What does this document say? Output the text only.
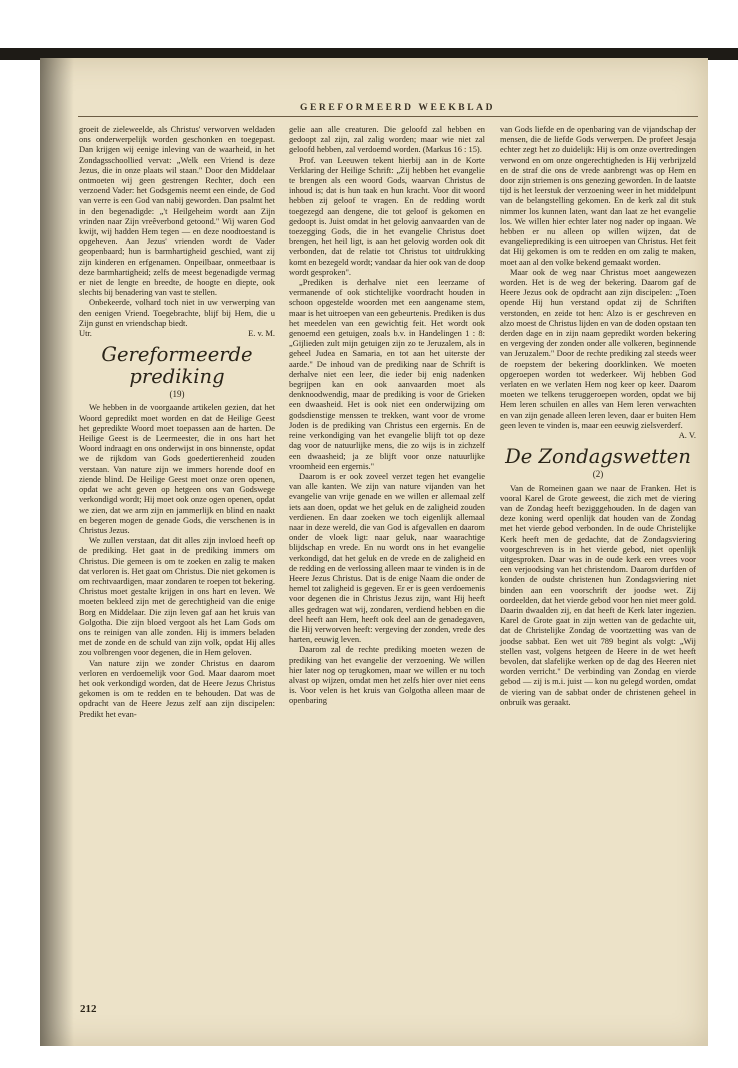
GEREFORMEERD WEEKBLAD

groeit de zieleweelde, als Christus' verworven weldaden ons onderwerpelijk worden geschonken en toegepast. Dan krijgen wij eenige inleving van de waarheid, in het Zondagsschoollied vervat: „Welk een Vriend is deze Jezus, die in onze plaats wil staan." Door den Middelaar ontmoeten wij geen gestrengen Rechter, doch een verzoend Vader: het Godsgemis neemt een einde, de God van verre is een God van nabij geworden. Dan psalmt het in den begenadigde: „'t Heilgeheim wordt aan Zijn vrinden naar Zijn vreêverbond getoond." Wij waren God kwijt, wij hadden Hem tegen — en deze noodtoestand is opgeheven. Aan Jezus' vrienden wordt de Vader geopenbaard; hun is barmhartigheid geschied, want zij zijn kinderen en erfgenamen. Onpeilbaar, onmeetbaar is deze barmhartigheid; zelfs de meest begenadigde vermag er niet de lengte en breedte, de hoogte en diepte, ook slechts bij benadering van vast te stellen.

Onbekeerde, volhard toch niet in uw verwerping van den eenigen Vriend. Toegebrachte, blijf bij Hem, die u Zijn gunst en vriendschap biedt.

Utr.	E. v. M.
Gereformeerde prediking
(19)

We hebben in de voorgaande artikelen gezien, dat het Woord gepredikt moet worden en dat de Heilige Geest het gepredikte Woord moet toepassen aan de harten. De Heilige Geest is de Leermeester, die in ons hart het Woord indraagt en ons onderwijst in ons binnenste, opdat we de rijkdom van Gods goedertierenheid zouden verstaan. Van nature zijn we immers horende doof en ziende blind. De Heilige Geest moet onze oren openen, opdat we acht geven op hetgeen ons van Godswege verkondigd wordt; Hij moet ook onze ogen openen, opdat we zien, dat we arm zijn en jammerlijk en blind en naakt en begeren mogen de genade Gods, die verschenen is in Christus Jezus.

We zullen verstaan, dat dit alles zijn invloed heeft op de prediking. Het gaat in de prediking immers om Christus. Die gemeen is om te zoeken en zalig te maken dat verloren is. Het gaat om Christus. Die niet gekomen is om rechtvaardigen, maar zondaren te roepen tot bekering. Christus moet gestalte krijgen in ons hart en leven. We moeten bekleed zijn met de gerechtigheid van die enige Borg en Middelaar. Die zijn leven gaf aan het kruis van Golgotha. Die zijn bloed vergoot als het Lam Gods om ons te reinigen van alle zonden. Hij is immers beladen met de zonde en de schuld van zijn volk, opdat Hij alles zou volbrengen voor degenen, die in Hem geloven.

Van nature zijn we zonder Christus en daarom verloren en verdoemelijk voor God. Maar daarom moet het ook verkondigd worden, dat de Heere Jezus Christus gekomen is om te redden en te behouden. Dat was de opdracht van de Heere Jezus zelf aan zijn discipelen: Predikt het evan-

gelie aan alle creaturen. Die geloofd zal hebben en gedoopt zal zijn, zal zalig worden; maar wie niet zal geloofd hebben, zal verdoemd worden. (Markus 16 : 15).

Prof. van Leeuwen tekent hierbij aan in de Korte Verklaring der Heilige Schrift: „Zij hebben het evangelie te brengen als een woord Gods, waarvan Christus de inhoud is; dat is hun taak en hun kracht. Voor dit woord hebben zij geloof te vragen. En de redding wordt toegezegd aan dengene, die tot geloof is gekomen en gedoopt is. Juist omdat in het gelovig aanvaarden van de toezegging Gods, die in het evangelie Christus doet brengen, het heil ligt, is aan het gelovig worden ook dit verbonden, dat de relatie tot Christus tot uitdrukking komt en bezegeld wordt; vandaar da hier ook van de doop wordt gesproken".

„Prediken is derhalve niet een leerzame of vermanende of ook stichtelijke voordracht houden in schoon opgestelde woorden met een aangename stem, maar is het uitroepen van een gebeurtenis. Prediken is dus het meedelen van een gewichtig feit. Het wordt ook genoemd een getuigen, zoals b.v. in Handelingen 1 : 8: „Gijlieden zult mijn getuigen zijn zo te Jeruzalem, als in geheel Judea en Samaria, en tot aan het uiterste der aarde." De inhoud van de prediking naar de Schrift is derhalve niet een leer, die ieder bij enig nadenken begrijpen kan en ook aanvaarden moet als denknoodwendig, maar de prediking is voor de Grieken een dwaasheid. Het is ook niet een onderwijzing om godsdienstige menssen te trekken, want voor de vrome Joden is de prediking van Christus een ergernis. En de reine verkondiging van het evangelie blijft tot op deze dag voor de natuurlijke mens, die zo wijs is in zichzelf een dwaasheid; ja ze blijft voor onze natuurlijke vroomheid een ergernis."

Daarom is er ook zoveel verzet tegen het evangelie van alle kanten. We zijn van nature vijanden van het evangelie van vrije genade en we willen er allemaal zelf iets aan doen, opdat we het geluk en de zaligheid zouden verdienen. En daar zoeken we toch eigenlijk allemaal naar in deze wereld, die van God is afgevallen en daarom onder de vloek ligt: naar geluk, naar waarachtige blijdschap en vrede. En nu wordt ons in het evangelie verkondigd, dat het geluk en de vrede en de zaligheid en de redding en de verlossing alleen maar te vinden is in de Heere Jezus Christus. Dat is de enige Naam die onder de hemel tot zaligheid is gegeven. Er er is geen verdoemenis voor degenen die in Christus Jezus zijn, want Hij heeft alles gedragen wat wij, zondaren, verdiend hebben en die deel heeft aan Hem, heeft ook deel aan de genadegaven, die Hij verworven heeft: vergeving der zonden, vrede des harten, eeuwig leven.

Daarom zal de rechte prediking moeten wezen de prediking van het evangelie der verzoening. We willen hier later nog op terugkomen, maar we willen er nu toch alvast op wijzen, omdat men het zelfs hier over niet eens is. Voor velen is het kruis van Golgotha alleen maar de openbaring

van Gods liefde en de openbaring van de vijandschap der mensen, die de liefde Gods verwerpen. De profeet Jesaja echter zegt het zo duidelijk: Hij is om onze overtredingen verwond en om onze ongerechtigheden is Hij verbrijzeld en de straf die ons de vrede aanbrengt was op Hem en door zijn striemen is ons genezing geworden. In de laatste tijd is het leerstuk der verzoening weer in het middelpunt van de belangstelling gekomen. En de kerk zal dit stuk nimmer los kunnen laten, want dan laat ze het evangelie los. We willen hier echter later nog nader op ingaan. We hebben er nu alleen op willen wijzen, dat de evangelieprediking is een uitroepen van Christus. Het feit dat Hij gekomen is om te redden en om zalig te maken, moet aan al den volke bekend gemaakt worden.

Maar ook de weg naar Christus moet aangewezen worden. Het is de weg der bekering. Daarom gaf de Heere Jezus ook de opdracht aan zijn discipelen: „Toen opende Hij hun verstand opdat zij de Schriften verstonden, en zeide tot hen: Alzo is er geschreven en alzo moest de Christus lijden en van de doden opstaan ten derden dage en in zijn naam gepredikt worden bekering en vergeving der zonden onder alle volkeren, beginnende van Jeruzalem." Door de rechte prediking zal steeds weer de roepstem der bekering doorklinken. We moeten opgeroepen worden tot wederkeer. Wij hebben God verlaten en we verlaten Hem nog keer op keer. Daarom moeten we telkens teruggeroepen worden, opdat we bij Hem leren schuilen en alles van Hem leren verwachten en van zijn genade alleen leren leven, daar er buiten Hem geen leven te vinden is, maar een eeuwig zielsverderf.

A. V.
De Zondagswetten
(2)

Van de Romeinen gaan we naar de Franken. Het is vooral Karel de Grote geweest, die zich met de viering van de Zondag heeft bezigggehouden. In de dagen van deze koning werd openlijk dat houden van de Zondag met het vierde gebod verbonden. In de oude Christelijke Kerk heeft men de gedachte, dat de Zondagsviering voorgeschreven is in het vierde gebod, niet openlijk uitgesproken. Daar was in de oude kerk een vrees voor een verjoodsing van het christendom. Daarom durfden of konden de oudste christenen hun Zondagsviering niet binden aan een voorschrift der joodse wet. Zij oordeelden, dat het vierde gebod voor hen niet meer gold. Daarin dwaalden zij, en dat heeft de Kerk later ingezien. Karel de Grote gaat in zijn wetten van de gedachte uit, dat de Christelijke Zondag de voortzetting was van de joodse sabbat. Een wet uit 789 begint als volgt: „Wij stellen vast, volgens hetgeen de Heere in de wet heeft bevolen, dat slafelijke werken op de dag des Heeren niet worden verricht." De verbinding van Zondag en vierde gebod — zij is m.i. juist — kon nu gelegd worden, omdat de viering van de sabbat onder de christenen geheel in onbruik was geraakt.

212
